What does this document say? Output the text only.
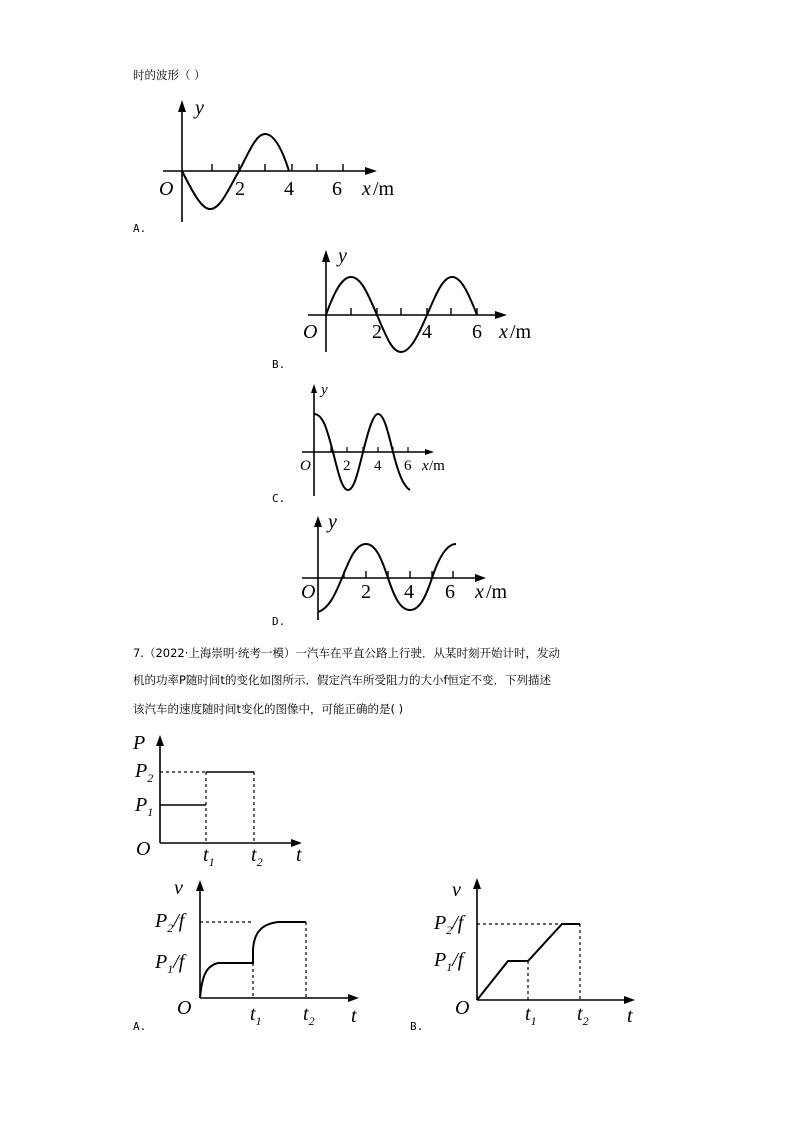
时的波形（ ）
O
y
2 4 6 x /m
A.
O
y
2 4 6 x /m
B.
O
y
2 4 6 x /m
C.
O
y
2 4 6 x /m
D.
7.（2022·上海崇明·统考一模）一汽车在平直公路上行驶．从某时刻开始计时，发动
机的功率P随时间t的变化如图所示．假定汽车所受阻力的大小f恒定不变．下列描述
该汽车的速度随时间t变化的图像中，可能正确的是( )
P
$P_2$
$P_1$
O	$t_1$ $t_2$ t
v
$P_2/f$
$P_1/f$
O	$t_1$ $t_2$ t
A.
v
$P_2/f$
$P_1/f$
O	$t_1$ $t_2$ t
B.
